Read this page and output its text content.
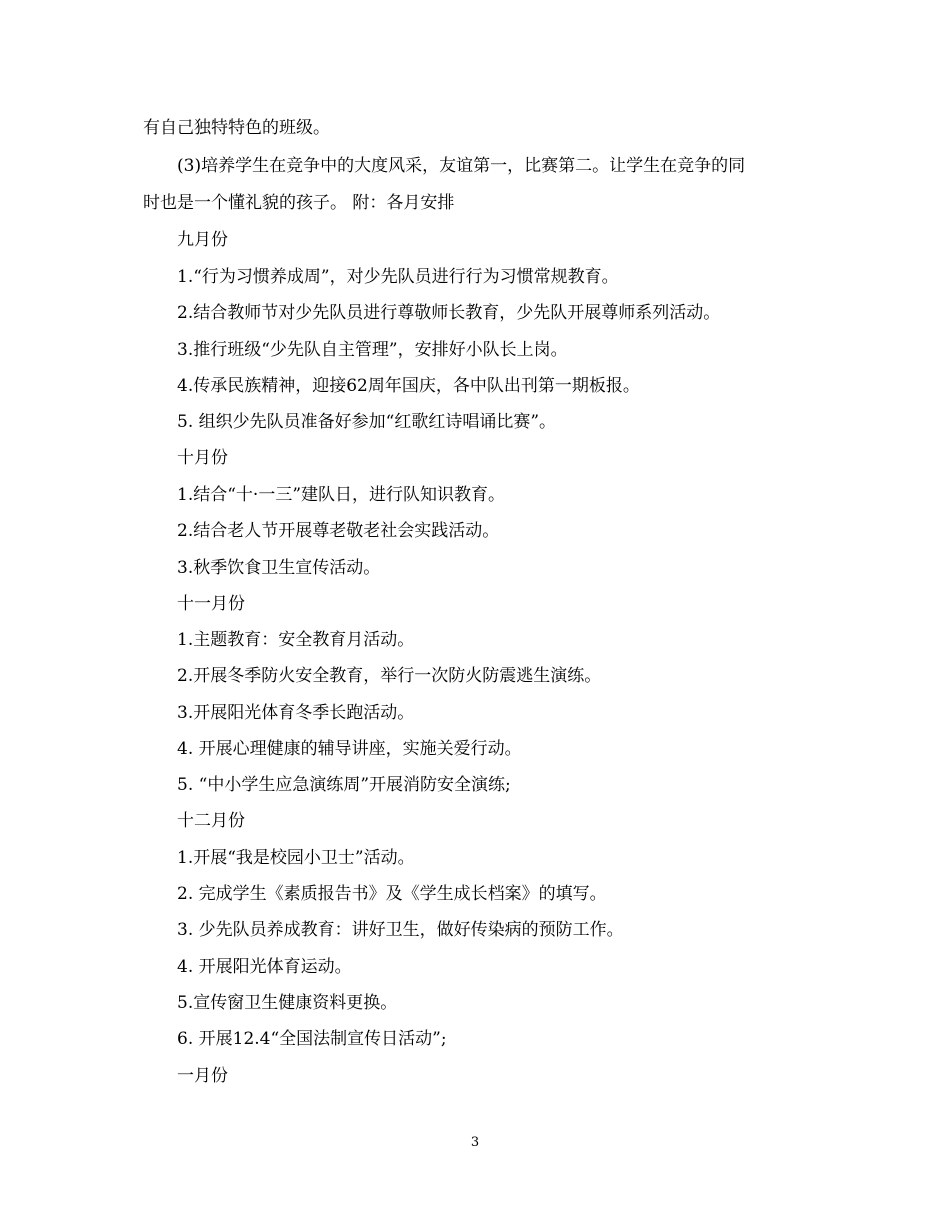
有自己独特特色的班级。
(3)培养学生在竞争中的大度风采，友谊第一，比赛第二。让学生在竞争的同
时也是一个懂礼貌的孩子。 附：各月安排
九月份
1.“行为习惯养成周”，对少先队员进行行为习惯常规教育。
2.结合教师节对少先队员进行尊敬师长教育，少先队开展尊师系列活动。
3.推行班级“少先队自主管理”，安排好小队长上岗。
4.传承民族精神，迎接62周年国庆，各中队出刊第一期板报。
5. 组织少先队员准备好参加“红歌红诗唱诵比赛”。
十月份
1.结合“十·一三”建队日，进行队知识教育。
2.结合老人节开展尊老敬老社会实践活动。
3.秋季饮食卫生宣传活动。
十一月份
1.主题教育：安全教育月活动。
2.开展冬季防火安全教育，举行一次防火防震逃生演练。
3.开展阳光体育冬季长跑活动。
4. 开展心理健康的辅导讲座，实施关爱行动。
5. “中小学生应急演练周”开展消防安全演练;
十二月份
1.开展“我是校园小卫士”活动。
2. 完成学生《素质报告书》及《学生成长档案》的填写。
3. 少先队员养成教育：讲好卫生，做好传染病的预防工作。
4. 开展阳光体育运动。
5.宣传窗卫生健康资料更换。
6. 开展12.4“全国法制宣传日活动”;
一月份
3
